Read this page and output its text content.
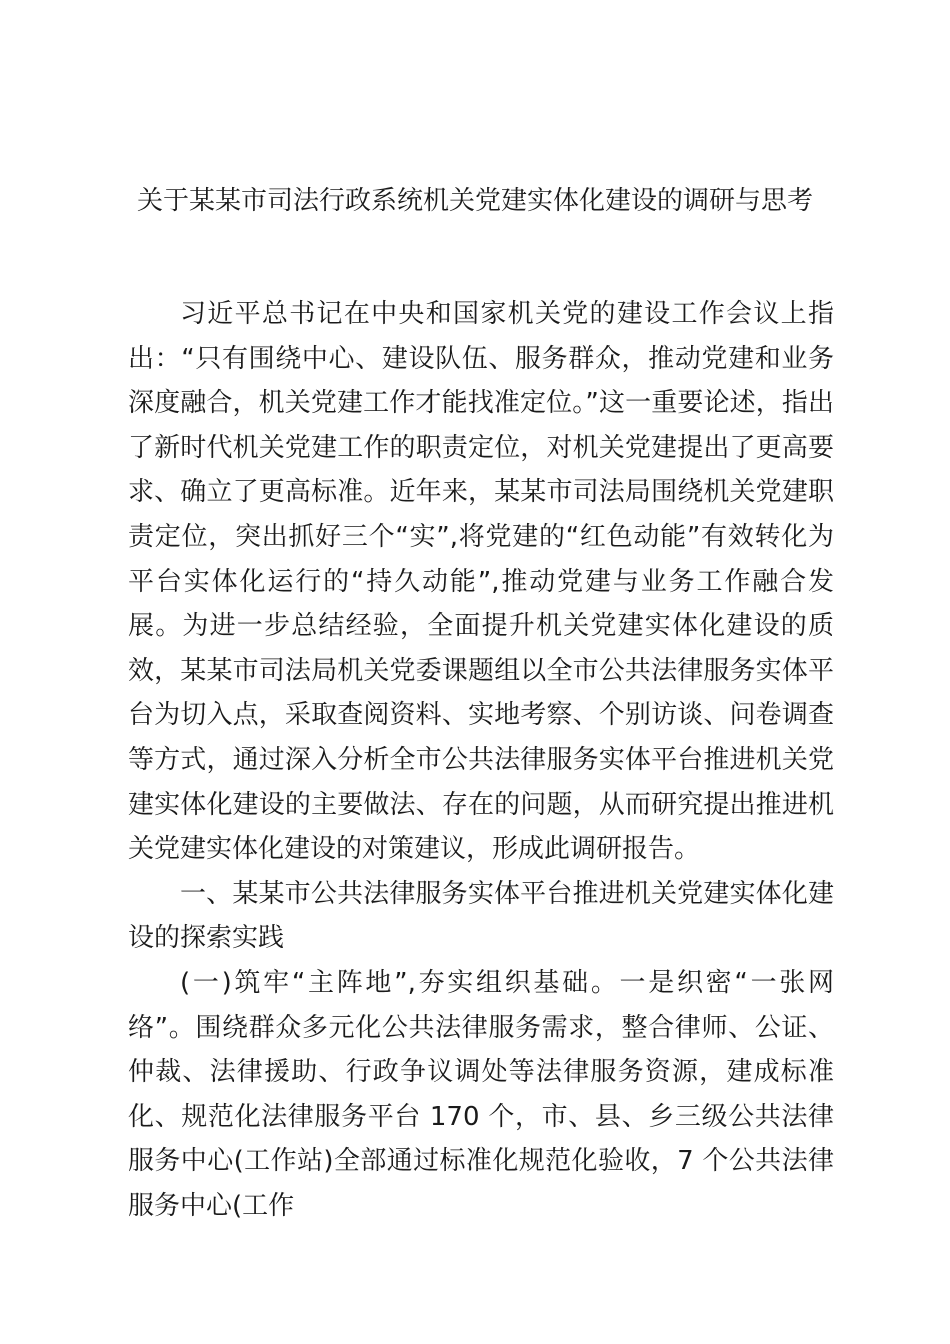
关于某某市司法行政系统机关党建实体化建设的调研与思考

习近平总书记在中央和国家机关党的建设工作会议上指出：“只有围绕中心、建设队伍、服务群众，推动党建和业务深度融合，机关党建工作才能找准定位。”这一重要论述，指出了新时代机关党建工作的职责定位，对机关党建提出了更高要求、确立了更高标准。近年来，某某市司法局围绕机关党建职责定位，突出抓好三个“实”,将党建的“红色动能”有效转化为平台实体化运行的“持久动能”,推动党建与业务工作融合发展。为进一步总结经验，全面提升机关党建实体化建设的质效，某某市司法局机关党委课题组以全市公共法律服务实体平台为切入点，采取查阅资料、实地考察、个别访谈、问卷调查等方式，通过深入分析全市公共法律服务实体平台推进机关党建实体化建设的主要做法、存在的问题，从而研究提出推进机关党建实体化建设的对策建议，形成此调研报告。

一、某某市公共法律服务实体平台推进机关党建实体化建设的探索实践

(一)筑牢“主阵地”,夯实组织基础。一是织密“一张网络”。围绕群众多元化公共法律服务需求，整合律师、公证、仲裁、法律援助、行政争议调处等法律服务资源，建成标准化、规范化法律服务平台 170 个，市、县、乡三级公共法律服务中心(工作站)全部通过标准化规范化验收，7 个公共法律服务中心(工作
